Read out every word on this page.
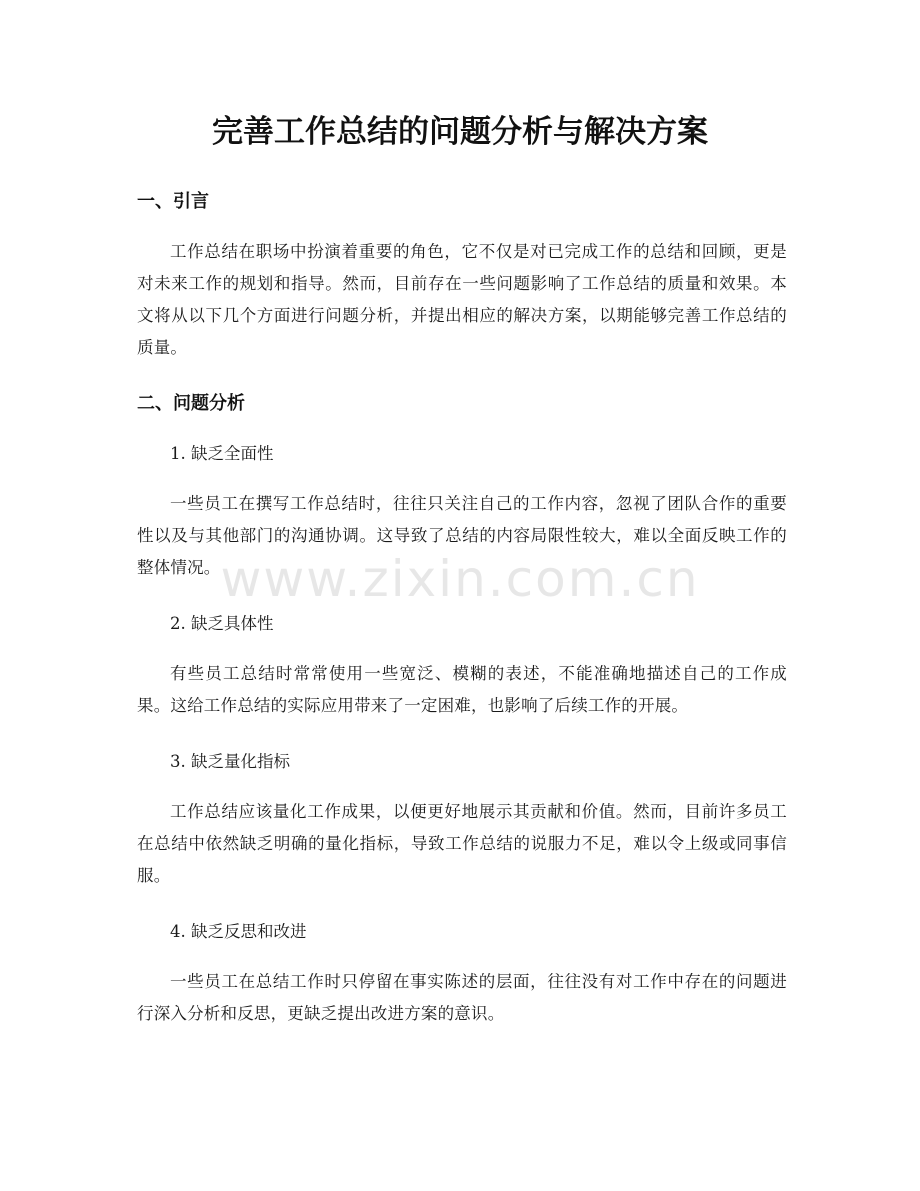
完善工作总结的问题分析与解决方案
一、引言

工作总结在职场中扮演着重要的角色，它不仅是对已完成工作的总结和回顾，更是对未来工作的规划和指导。然而，目前存在一些问题影响了工作总结的质量和效果。本文将从以下几个方面进行问题分析，并提出相应的解决方案，以期能够完善工作总结的质量。

二、问题分析
1. 缺乏全面性

一些员工在撰写工作总结时，往往只关注自己的工作内容，忽视了团队合作的重要性以及与其他部门的沟通协调。这导致了总结的内容局限性较大，难以全面反映工作的整体情况。

2. 缺乏具体性

有些员工总结时常常使用一些宽泛、模糊的表述，不能准确地描述自己的工作成果。这给工作总结的实际应用带来了一定困难，也影响了后续工作的开展。

3. 缺乏量化指标

工作总结应该量化工作成果，以便更好地展示其贡献和价值。然而，目前许多员工在总结中依然缺乏明确的量化指标，导致工作总结的说服力不足，难以令上级或同事信服。

4. 缺乏反思和改进

一些员工在总结工作时只停留在事实陈述的层面，往往没有对工作中存在的问题进行深入分析和反思，更缺乏提出改进方案的意识。

www.zixin.com.cn
